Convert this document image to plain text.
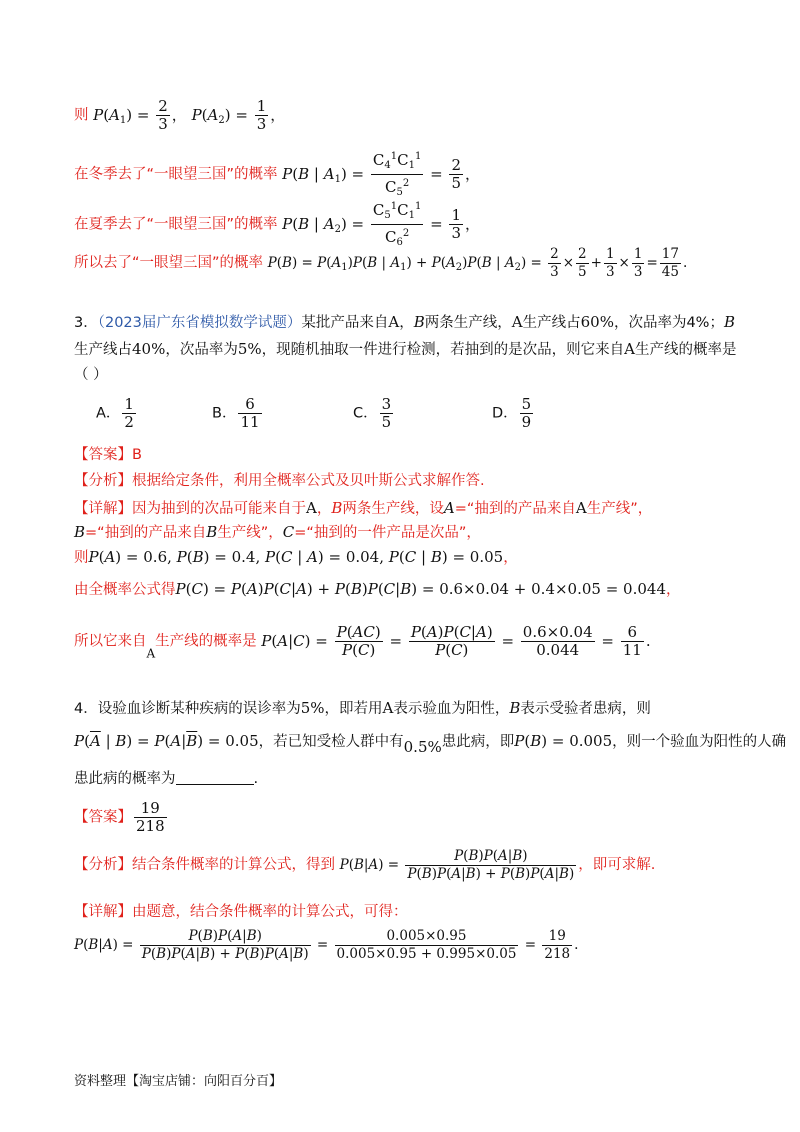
则 $P(A_1) = \frac{2}{3}$ ， $P(A_2) = \frac{1}{3}$ ，
在冬季去了“一眼望三国”的概率 P(B | $A_1) = \frac{C_4^1C_1^1}{C_5^2} = \frac{2}{5}$ ，
在夏季去了“一眼望三国”的概率 P(B | $A_2) = \frac{C_5^1C_1^1}{C_6^2} = \frac{1}{3}$ ，
所以去了“一眼望三国”的概率 $P(B) = P(A_1)P(B$ | $A_1) + P(A_2)P(B$ | $A_2) = \frac{2}{3} \times \frac{2}{5} + \frac{1}{3} \times \frac{1}{3} = \frac{17}{45}$ .
3．（2023届广东省模拟数学试题）某批产品来自A，B两条生产线，A生产线占60%，次品率为4%；B
生产线占40%，次品率为5%，现随机抽取一件进行检测，若抽到的是次品，则它来自A生产线的概率是
（ ）
A． $\frac{1}{2}$	B． $\frac{6}{11}$	C． $\frac{3}{5}$	D． $\frac{5}{9}$
【答案】B
【分析】根据给定条件，利用全概率公式及贝叶斯公式求解作答.
【详解】因为抽到的次品可能来自于A，B两条生产线，设A=“抽到的产品来自A生产线”，
B=“抽到的产品来自B生产线”，C=“抽到的一件产品是次品”，
则P(A) = 0.6, P(B) = 0.4, P(C | A) = 0.04, P(C | B) = 0.05，
由全概率公式得P(C) = P(A)P(C|A) + P(B)P(C|B) = 0.6×0.04 + 0.4×0.05 = 0.044，
所以它来自$_A$生产线的概率是 $P(A|C) = \frac{P(AC)}{P(C)} = \frac{P(A)P(C|A)}{P(C)} = \frac{0.6\times 0.04}{0.044} = \frac{6}{11}$ .
4．设验血诊断某种疾病的误诊率为5%，即若用A表示验血为阳性，B表示受验者患病，则
$P(\overline{A}$ | $B) = P(A|\overline{B}) = 0.05$，若已知受检人群中有0.5%患此病，即P(B) = 0.005，则一个验血为阳性的人确
患此病的概率为	.
【答案】 $\frac{19}{218}$
【分析】结合条件概率的计算公式，得到 $P(B|A) = \frac{P(B)P(A|B)}{P(B)P(A|B) + P(\overline{B})P(A|\overline{B})}$ ，即可求解.
【详解】由题意，结合条件概率的计算公式，可得：
$P(B|A) = \frac{P(B)P(A|B)}{P(B)P(A|B) + P(\overline{B})P(A|\overline{B})} = \frac{0.005\times 0.95}{0.005\times 0.95 + 0.995\times 0.05} = \frac{19}{218}$ .
资料整理【淘宝店铺：向阳百分百】
